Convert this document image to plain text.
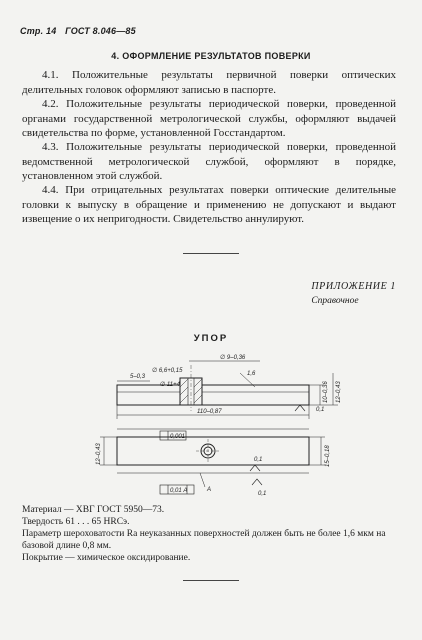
Стр. 14 ГОСТ 8.046—85
4. ОФОРМЛЕНИЕ РЕЗУЛЬТАТОВ ПОВЕРКИ

4.1. Положительные результаты первичной поверки оптических делительных головок оформляют записью в паспорте.

4.2. Положительные результаты периодической поверки, проведенной органами государственной метрологической службы, оформляют выдачей свидетельства по форме, установленной Госстандартом.

4.3. Положительные результаты периодической поверки, проведенной ведомственной метрологической службой, оформляют в порядке, установленном этой службой.

4.4. При отрицательных результатах поверки оптические делительные головки к выпуску в обращение и применению не допускают и выдают извещение о их непригодности. Свидетельство аннулируют.

ПРИЛОЖЕНИЕ 1
Справочное
УПОР
5–0,3
∅ 6,6+0,15
∅ 11+4
∅ 9–0,36
110–0,87
1,6
0,1
10–0,36 12–0,43
0,001
0,01 А
0,1
0,1
А
12–0,43	15–0,18

Материал — ХВГ ГОСТ 5950—73.

Твердость 61 . . . 65 HRCэ.

Параметр шероховатости Ra неуказанных поверхностей должен быть не более 1,6 мкм на базовой длине 0,8 мм.

Покрытие — химическое оксидирование.
